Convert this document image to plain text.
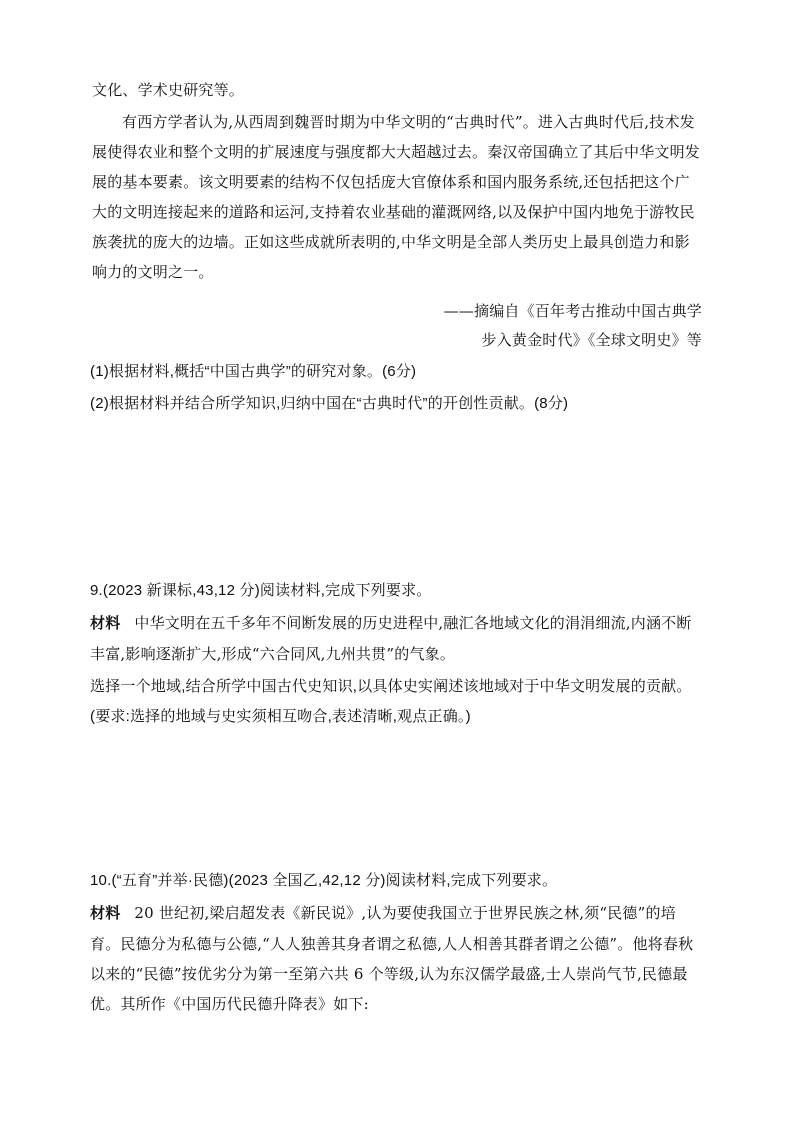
文化、学术史研究等。
有西方学者认为,从西周到魏晋时期为中华文明的“古典时代”。进入古典时代后,技术发展使得农业和整个文明的扩展速度与强度都大大超越过去。秦汉帝国确立了其后中华文明发展的基本要素。该文明要素的结构不仅包括庞大官僚体系和国内服务系统,还包括把这个广大的文明连接起来的道路和运河,支持着农业基础的灌溉网络,以及保护中国内地免于游牧民族袭扰的庞大的边墙。正如这些成就所表明的,中华文明是全部人类历史上最具创造力和影响力的文明之一。
——摘编自《百年考古推动中国古典学
步入黄金时代》《全球文明史》等
(1)根据材料,概括“中国古典学”的研究对象。(6分)
(2)根据材料并结合所学知识,归纳中国在“古典时代”的开创性贡献。(8分)
9.(2023 新课标,43,12 分)阅读材料,完成下列要求。
材料 中华文明在五千多年不间断发展的历史进程中,融汇各地域文化的涓涓细流,内涵不断丰富,影响逐渐扩大,形成“六合同风,九州共贯”的气象。
选择一个地域,结合所学中国古代史知识,以具体史实阐述该地域对于中华文明发展的贡献。(要求:选择的地域与史实须相互吻合,表述清晰,观点正确。)
10.(“五育”并举·民德)(2023 全国乙,42,12 分)阅读材料,完成下列要求。
材料 20 世纪初,梁启超发表《新民说》,认为要使我国立于世界民族之林,须“民德”的培育。民德分为私德与公德,“人人独善其身者谓之私德,人人相善其群者谓之公德”。他将春秋以来的“民德”按优劣分为第一至第六共 6 个等级,认为东汉儒学最盛,士人崇尚气节,民德最优。其所作《中国历代民德升降表》如下:
